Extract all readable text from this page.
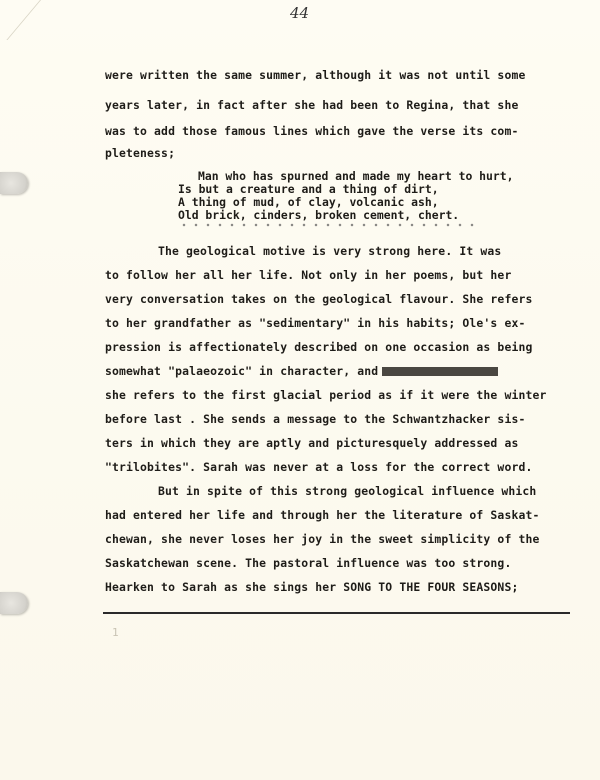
44
were written the same summer, although it was not until some
years later, in fact after she had been to Regina, that she
was to add those famous lines which gave the verse its com-
pleteness;
Man who has spurned and made my heart to hurt,
Is but a creature and a thing of dirt,
A thing of mud, of clay, volcanic ash,
Old brick, cinders, broken cement, chert.
The geological motive is very strong here. It was
to follow her all her life. Not only in her poems, but her
very conversation takes on the geological flavour. She refers
to her grandfather as "sedimentary" in his habits; Ole's ex-
pression is affectionately described on one occasion as being
somewhat "palaeozoic" in character, and
she refers to the first glacial period as if it were the winter
before last . She sends a message to the Schwantzhacker sis-
ters in which they are aptly and picturesquely addressed as
"trilobites". Sarah was never at a loss for the correct word.
But in spite of this strong geological influence which
had entered her life and through her the literature of Saskat-
chewan, she never loses her joy in the sweet simplicity of the
Saskatchewan scene. The pastoral influence was too strong.
Hearken to Sarah as she sings her SONG TO THE FOUR SEASONS;
1
